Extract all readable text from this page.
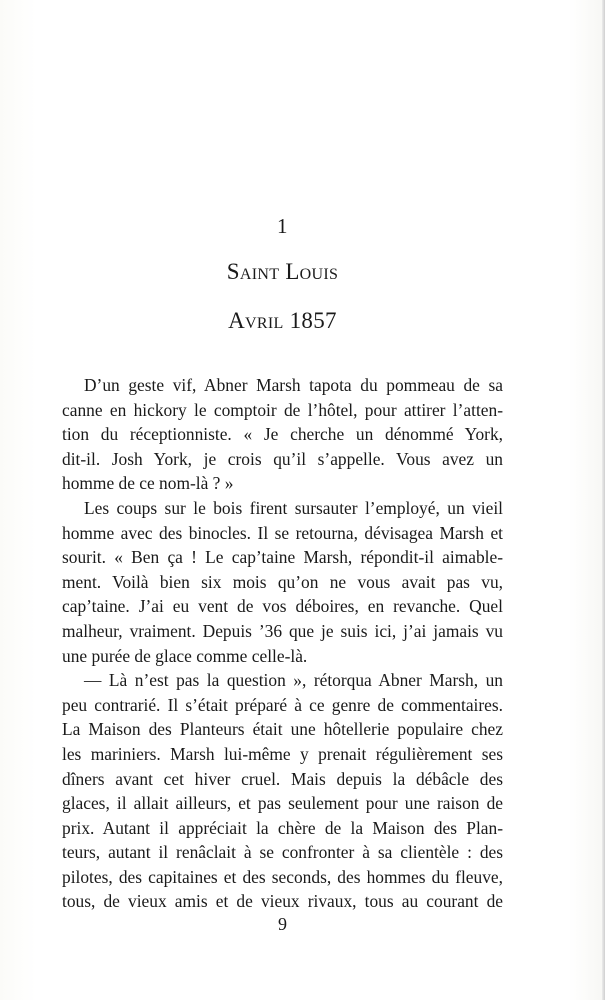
1
Saint Louis
Avril 1857
D’un geste vif, Abner Marsh tapota du pommeau de sa
canne en hickory le comptoir de l’hôtel, pour attirer l’atten-
tion du réceptionniste. « Je cherche un dénommé York,
dit-il. Josh York, je crois qu’il s’appelle. Vous avez un
homme de ce nom-là ? »
Les coups sur le bois firent sursauter l’employé, un vieil
homme avec des binocles. Il se retourna, dévisagea Marsh et
sourit. « Ben ça ! Le cap’taine Marsh, répondit-il aimable-
ment. Voilà bien six mois qu’on ne vous avait pas vu,
cap’taine. J’ai eu vent de vos déboires, en revanche. Quel
malheur, vraiment. Depuis ’36 que je suis ici, j’ai jamais vu
une purée de glace comme celle-là.
— Là n’est pas la question », rétorqua Abner Marsh, un
peu contrarié. Il s’était préparé à ce genre de commentaires.
La Maison des Planteurs était une hôtellerie populaire chez
les mariniers. Marsh lui-même y prenait régulièrement ses
dîners avant cet hiver cruel. Mais depuis la débâcle des
glaces, il allait ailleurs, et pas seulement pour une raison de
prix. Autant il appréciait la chère de la Maison des Plan-
teurs, autant il renâclait à se confronter à sa clientèle : des
pilotes, des capitaines et des seconds, des hommes du fleuve,
tous, de vieux amis et de vieux rivaux, tous au courant de
9
